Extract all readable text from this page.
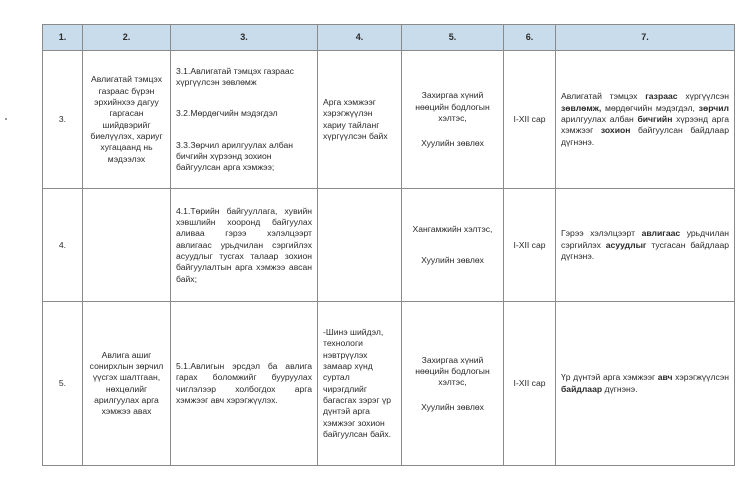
1.	2.	3.	4.	5.	6.	7.
3.	Авлигатай тэмцэх газраас бүрэн эрхийнхээ дагуу гаргасан шийдвэрийг биелүүлэх, хариуг хугацаанд нь мэдээлэх	3.1.Авлигатай тэмцэх газраас хүргүүлсэн зөвлөмж
3.2.Мөрдөгчийн мэдэгдэл
3.3.Зөрчил арилгуулах албан бичгийн хүрээнд зохион байгуулсан арга хэмжээ;	Арга хэмжээг хэрэгжүүлэн хариу тайланг хүргүүлсэн байх	Захиргаа хүний нөөцийн бодлогын хэлтэс,
Хуулийн зөвлөх	I-XII сар	Авлигатай тэмцэх газраас хүргүүлсэн зөвлөмж, мөрдөгчийн мэдэгдэл, зөрчил арилгуулах албан бичгийн хүрээнд арга хэмжээг зохион байгуулсан байдлаар дүгнэнэ.
4.		4.1.Төрийн байгууллага, хувийн хэвшлийн хооронд байгуулах аливаа гэрээ хэлэлцээрт авлигаас урьдчилан сэргийлэх асуудлыг тусгах талаар зохион байгуулалтын арга хэмжээ авсан байх;		Хангамжийн хэлтэс,
Хуулийн зөвлөх	I-XII сар	Гэрээ хэлэлцээрт авлигаас урьдчилан сэргийлэх асуудлыг тусгасан байдлаар дүгнэнэ.
5.	Авлига ашиг сонирхлын зөрчил үүсгэх шалтгаан, нөхцөлийг арилгуулах арга хэмжээ авах	5.1.Авлигын эрсдэл ба авлига гарах боломжийг бууруулах чиглэлээр холбогдох арга хэмжээг авч хэрэгжүүлэх.	-Шинэ шийдэл, технологи нэвтрүүлэх замаар хүнд суртал чирэгдлийг багасгах зэрэг үр дүнтэй арга хэмжээг зохион байгуулсан байх.	Захиргаа хүний нөөцийн бодлогын хэлтэс,
Хуулийн зөвлөх	I-XII сар	Үр дүнтэй арга хэмжээг авч хэрэгжүүлсэн байдлаар дүгнэнэ.
